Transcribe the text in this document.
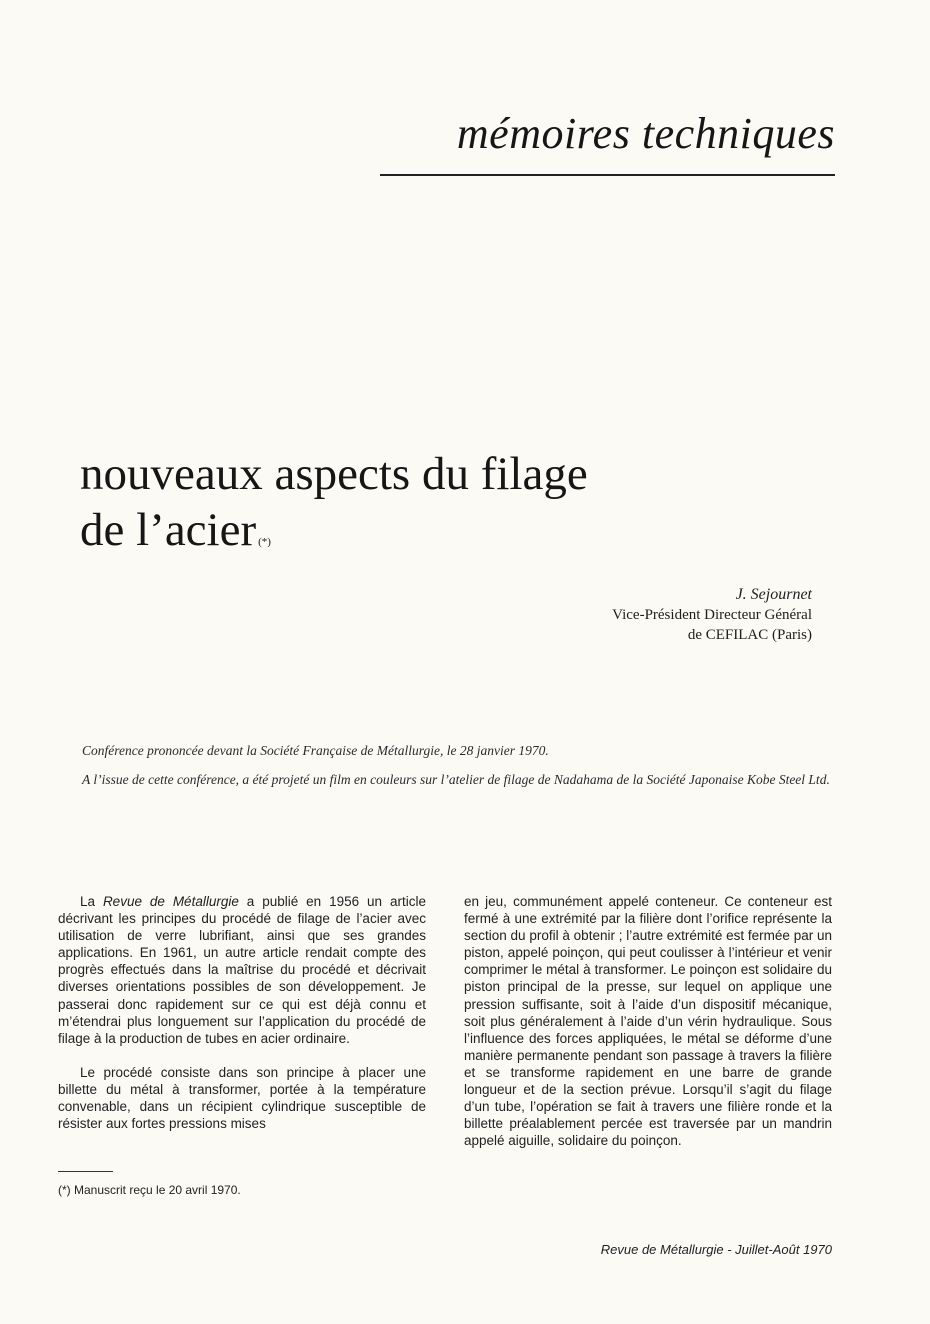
mémoires techniques
nouveaux aspects du filage
de l’acier (*)
J. Sejournet
Vice-Président Directeur Général
de CEFILAC (Paris)

Conférence prononcée devant la Société Française de Métallurgie, le 28 janvier 1970.

A l’issue de cette conférence, a été projeté un film en couleurs sur l’atelier de filage de Nadahama de la Société Japonaise Kobe Steel Ltd.

La Revue de Métallurgie a publié en 1956 un article décrivant les principes du procédé de filage de l’acier avec utilisation de verre lubrifiant, ainsi que ses grandes applications. En 1961, un autre article rendait compte des progrès effectués dans la maîtrise du procédé et décrivait diverses orientations possibles de son développement. Je passerai donc rapidement sur ce qui est déjà connu et m’étendrai plus longuement sur l’application du procédé de filage à la production de tubes en acier ordinaire.

Le procédé consiste dans son principe à placer une billette du métal à transformer, portée à la température convenable, dans un récipient cylindrique susceptible de résister aux fortes pressions mises

en jeu, communément appelé conteneur. Ce conteneur est fermé à une extrémité par la filière dont l’orifice représente la section du profil à obtenir ; l’autre extrémité est fermée par un piston, appelé poinçon, qui peut coulisser à l’intérieur et venir comprimer le métal à transformer. Le poinçon est solidaire du piston principal de la presse, sur lequel on applique une pression suffisante, soit à l’aide d’un dispositif mécanique, soit plus généralement à l’aide d’un vérin hydraulique. Sous l’influence des forces appliquées, le métal se déforme d’une manière permanente pendant son passage à travers la filière et se transforme rapidement en une barre de grande longueur et de la section prévue. Lorsqu’il s’agit du filage d’un tube, l’opération se fait à travers une filière ronde et la billette préalablement percée est traversée par un mandrin appelé aiguille, solidaire du poinçon.

(*) Manuscrit reçu le 20 avril 1970.
Revue de Métallurgie - Juillet-Août 1970
